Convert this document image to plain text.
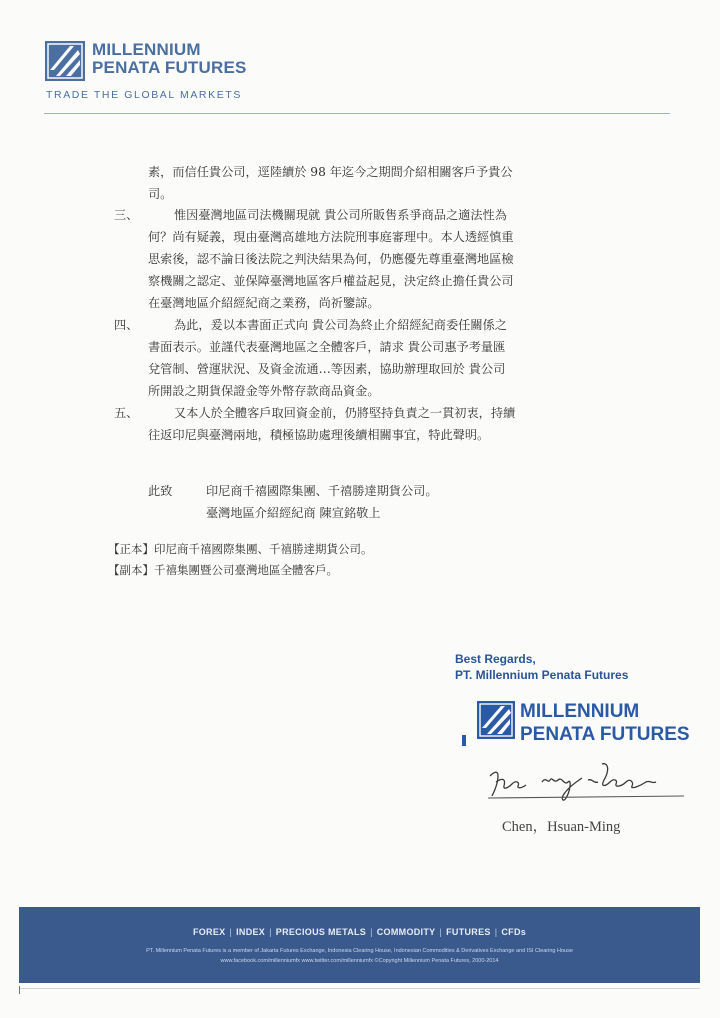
MILLENNIUM
PENATA FUTURES
TRADE THE GLOBAL MARKETS
素，而信任貴公司，逕陸續於 98 年迄今之期間介紹相關客戶予貴公
司。
三、	惟因臺灣地區司法機關現就 貴公司所販售系爭商品之適法性為
何？尚有疑義，現由臺灣高雄地方法院刑事庭審理中。本人透經慎重
思索後，認不論日後法院之判決結果為何，仍應優先尊重臺灣地區檢
察機關之認定、並保障臺灣地區客戶權益起見，決定終止擔任貴公司
在臺灣地區介紹經紀商之業務，尚祈鑒諒。
四、	為此，爰以本書面正式向 貴公司為終止介紹經紀商委任關係之
書面表示。並謹代表臺灣地區之全體客戶，請求 貴公司惠予考量匯
兌管制、營運狀況、及資金流通…等因素，協助辦理取回於 貴公司
所開設之期貨保證金等外幣存款商品資金。
五、	又本人於全體客戶取回資金前，仍將堅持負責之一貫初衷，持續
往返印尼與臺灣兩地，積極協助處理後續相關事宜，特此聲明。
此致	印尼商千禧國際集團、千禧勝達期貨公司。
臺灣地區介紹經紀商 陳宣銘敬上
【正本】印尼商千禧國際集團、千禧勝達期貨公司。
【副本】千禧集團暨公司臺灣地區全體客戶。
Best Regards,
PT. Millennium Penata Futures
MILLENNIUM
PENATA FUTURES
Chen，Hsuan-Ming
FOREX | INDEX | PRECIOUS METALS | COMMODITY | FUTURES | CFDs
PT. Millennium Penata Futures is a member of Jakarta Futures Exchange, Indonesia Clearing House, Indonesian Commodities & Derivatives Exchange and ISI Clearing House
www.facebook.com/millenniumfx www.twitter.com/millenniumfx ©Copyright Millennium Penata Futures, 2000-2014
